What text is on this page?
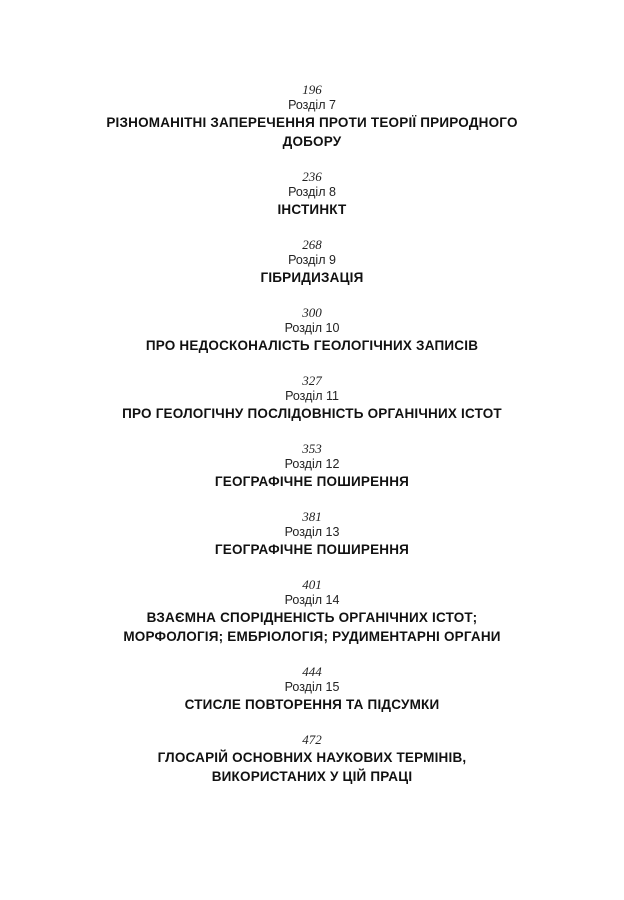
196
Розділ 7
РІЗНОМАНІТНІ ЗАПЕРЕЧЕННЯ ПРОТИ ТЕОРІЇ ПРИРОДНОГО
ДОБОРУ
236
Розділ 8
ІНСТИНКТ
268
Розділ 9
ГІБРИДИЗАЦІЯ
300
Розділ 10
ПРО НЕДОСКОНАЛІСТЬ ГЕОЛОГІЧНИХ ЗАПИСІВ
327
Розділ 11
ПРО ГЕОЛОГІЧНУ ПОСЛІДОВНІСТЬ ОРГАНІЧНИХ ІСТОТ
353
Розділ 12
ГЕОГРАФІЧНЕ ПОШИРЕННЯ
381
Розділ 13
ГЕОГРАФІЧНЕ ПОШИРЕННЯ
401
Розділ 14
ВЗАЄМНА СПОРІДНЕНІСТЬ ОРГАНІЧНИХ ІСТОТ;
МОРФОЛОГІЯ; ЕМБРІОЛОГІЯ; РУДИМЕНТАРНІ ОРГАНИ
444
Розділ 15
СТИСЛЕ ПОВТОРЕННЯ ТА ПІДСУМКИ
472
ГЛОСАРІЙ ОСНОВНИХ НАУКОВИХ ТЕРМІНІВ,
ВИКОРИСТАНИХ У ЦІЙ ПРАЦІ
